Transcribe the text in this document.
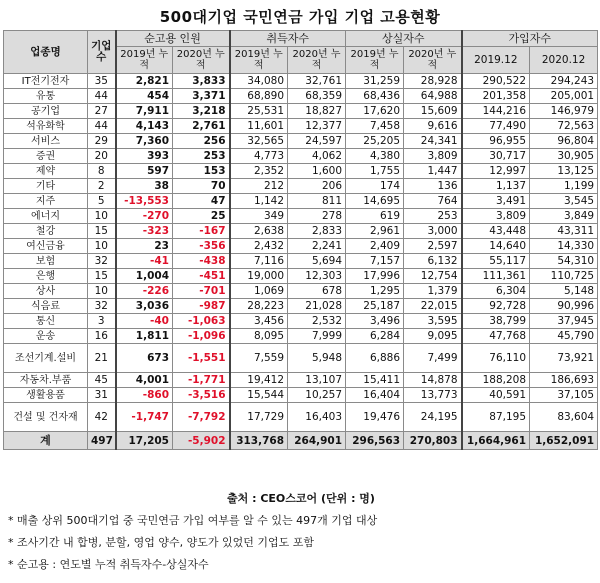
500대기업 국민연금 가입 기업 고용현황
업종명	기업 수	순고용 인원		취득자수		상실자수		가입자수	
		2019년 누적	2020년 누적	2019년 누적	2020년 누적	2019년 누적	2020년 누적	2019.12	2020.12
IT전기전자	35	2,821	3,833	34,080	32,761	31,259	28,928	290,522	294,243
유통	44	454	3,371	68,890	68,359	68,436	64,988	201,358	205,001
공기업	27	7,911	3,218	25,531	18,827	17,620	15,609	144,216	146,979
석유화학	44	4,143	2,761	11,601	12,377	7,458	9,616	77,490	72,563
서비스	29	7,360	256	32,565	24,597	25,205	24,341	96,955	96,804
증권	20	393	253	4,773	4,062	4,380	3,809	30,717	30,905
제약	8	597	153	2,352	1,600	1,755	1,447	12,997	13,125
기타	2	38	70	212	206	174	136	1,137	1,199
지주	5	-13,553	47	1,142	811	14,695	764	3,491	3,545
에너지	10	-270	25	349	278	619	253	3,809	3,849
철강	15	-323	-167	2,638	2,833	2,961	3,000	43,448	43,311
여신금융	10	23	-356	2,432	2,241	2,409	2,597	14,640	14,330
보험	32	-41	-438	7,116	5,694	7,157	6,132	55,117	54,310
은행	15	1,004	-451	19,000	12,303	17,996	12,754	111,361	110,725
상사	10	-226	-701	1,069	678	1,295	1,379	6,304	5,148
식음료	32	3,036	-987	28,223	21,028	25,187	22,015	92,728	90,996
통신	3	-40	-1,063	3,456	2,532	3,496	3,595	38,799	37,945
운송	16	1,811	-1,096	8,095	7,999	6,284	9,095	47,768	45,790
조선기계.설비	21	673	-1,551	7,559	5,948	6,886	7,499	76,110	73,921
자동차.부품	45	4,001	-1,771	19,412	13,107	15,411	14,878	188,208	186,693
생활용품	31	-860	-3,516	15,544	10,257	16,404	13,773	40,591	37,105
건설 및 건자재	42	-1,747	-7,792	17,729	16,403	19,476	24,195	87,195	83,604
계	497	17,205	-5,902	313,768	264,901	296,563	270,803	1,664,961	1,652,091
출처 : CEO스코어 (단위 : 명)
* 매출 상위 500대기업 중 국민연금 가입 여부를 알 수 있는 497개 기업 대상
* 조사기간 내 합병, 분할, 영업 양수, 양도가 있었던 기업도 포함
* 순고용 : 연도별 누적 취득자수-상실자수
